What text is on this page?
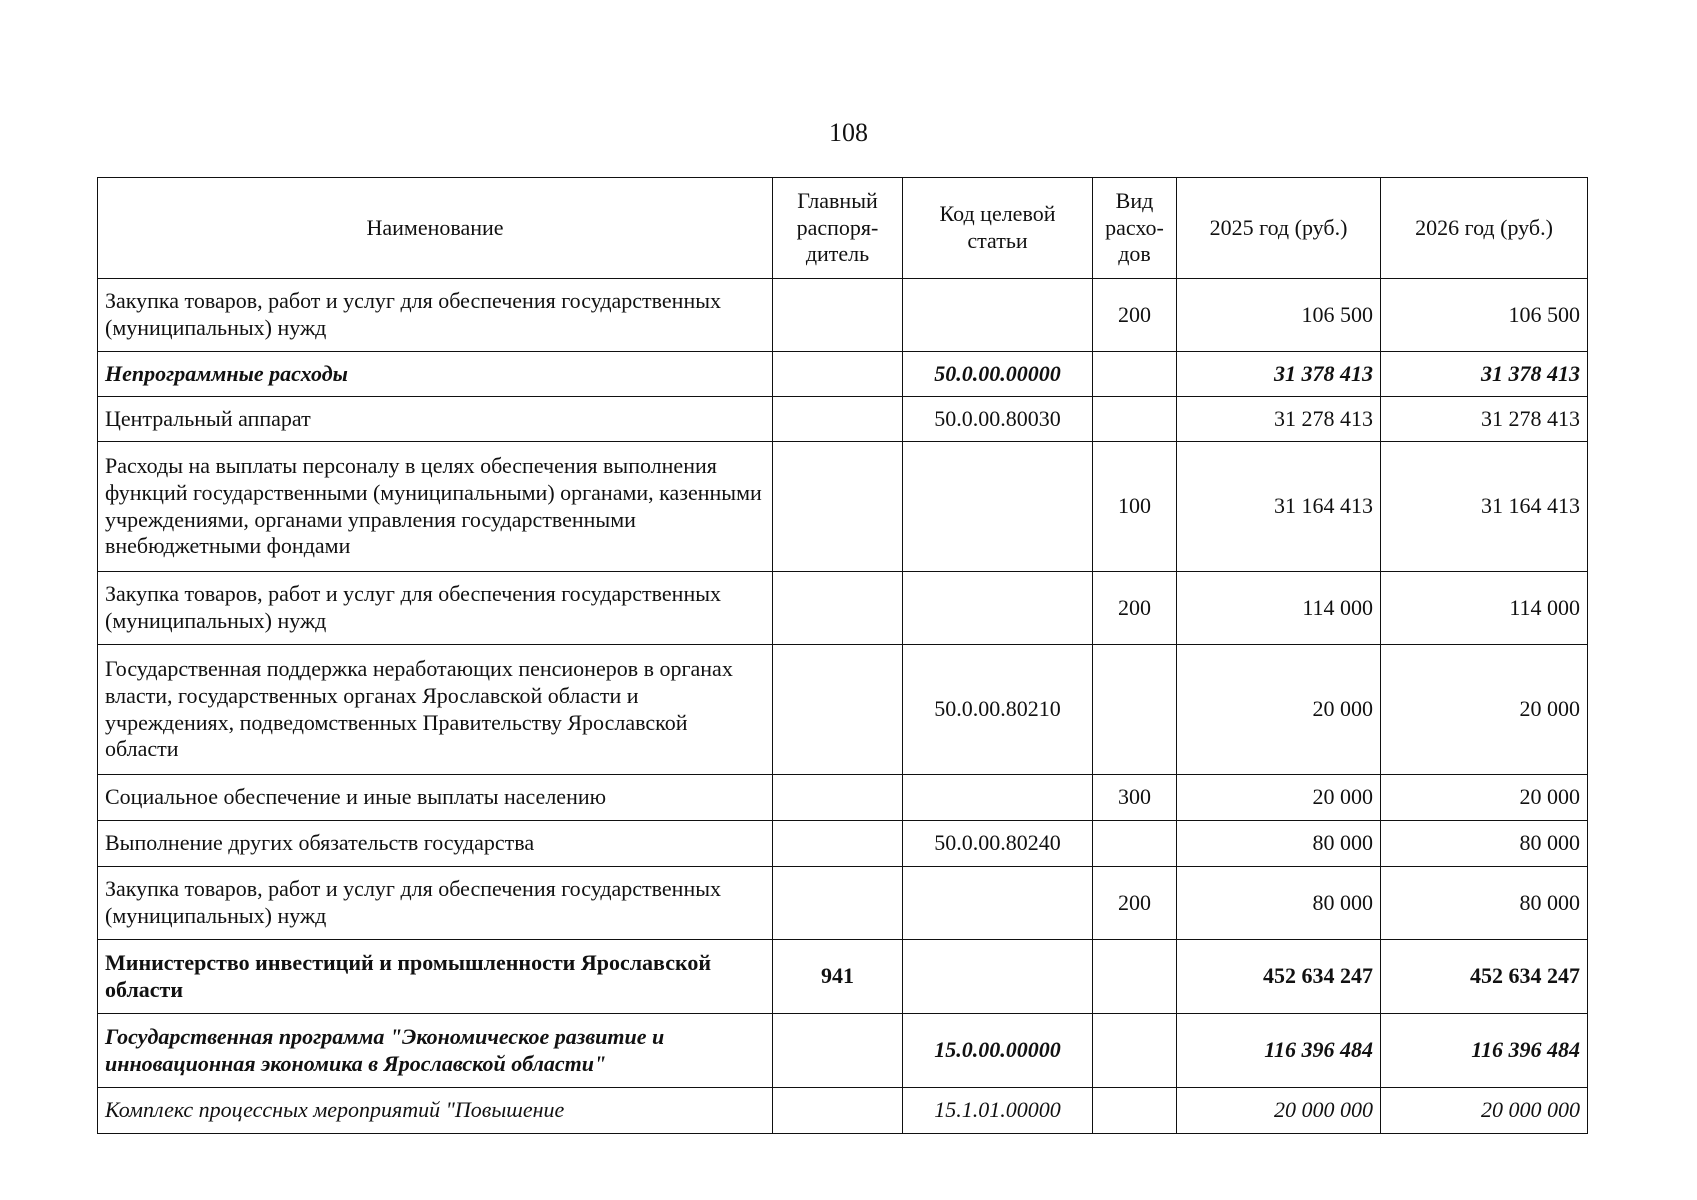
108
Наименование	Главный распоря-дитель	Код целевой статьи	Вид расхо-дов	2025 год (руб.)	2026 год (руб.)
Закупка товаров, работ и услуг для обеспечения государственных (муниципальных) нужд			200	106 500	106 500
Непрограммные расходы		50.0.00.00000		31 378 413	31 378 413
Центральный аппарат		50.0.00.80030		31 278 413	31 278 413
Расходы на выплаты персоналу в целях обеспечения выполнения функций государственными (муниципальными) органами, казенными учреждениями, органами управления государственными внебюджетными фондами			100	31 164 413	31 164 413
Закупка товаров, работ и услуг для обеспечения государственных (муниципальных) нужд			200	114 000	114 000
Государственная поддержка неработающих пенсионеров в органах власти, государственных органах Ярославской области и учреждениях, подведомственных Правительству Ярославской области		50.0.00.80210		20 000	20 000
Социальное обеспечение и иные выплаты населению			300	20 000	20 000
Выполнение других обязательств государства		50.0.00.80240		80 000	80 000
Закупка товаров, работ и услуг для обеспечения государственных (муниципальных) нужд			200	80 000	80 000
Министерство инвестиций и промышленности Ярославской области	941			452 634 247	452 634 247
Государственная программа "Экономическое развитие и инновационная экономика в Ярославской области"		15.0.00.00000		116 396 484	116 396 484
Комплекс процессных мероприятий "Повышение		15.1.01.00000		20 000 000	20 000 000
